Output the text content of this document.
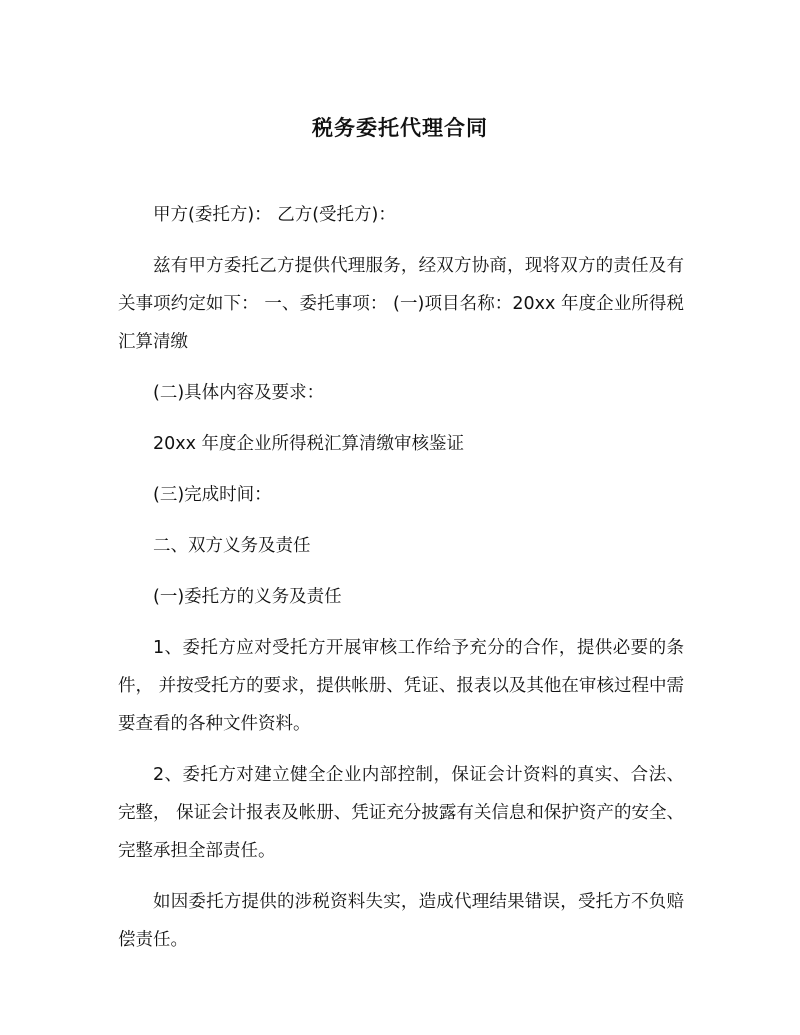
税务委托代理合同

甲方(委托方)： 乙方(受托方)：

兹有甲方委托乙方提供代理服务，经双方协商，现将双方的责任及有关事项约定如下： 一、委托事项： (一)项目名称：20xx 年度企业所得税汇算清缴

(二)具体内容及要求：

20xx 年度企业所得税汇算清缴审核鉴证

(三)完成时间：

二、双方义务及责任

(一)委托方的义务及责任

1、委托方应对受托方开展审核工作给予充分的合作，提供必要的条件， 并按受托方的要求，提供帐册、凭证、报表以及其他在审核过程中需要查看的各种文件资料。

2、委托方对建立健全企业内部控制，保证会计资料的真实、合法、完整， 保证会计报表及帐册、凭证充分披露有关信息和保护资产的安全、完整承担全部责任。

如因委托方提供的涉税资料失实，造成代理结果错误，受托方不负赔偿责任。
